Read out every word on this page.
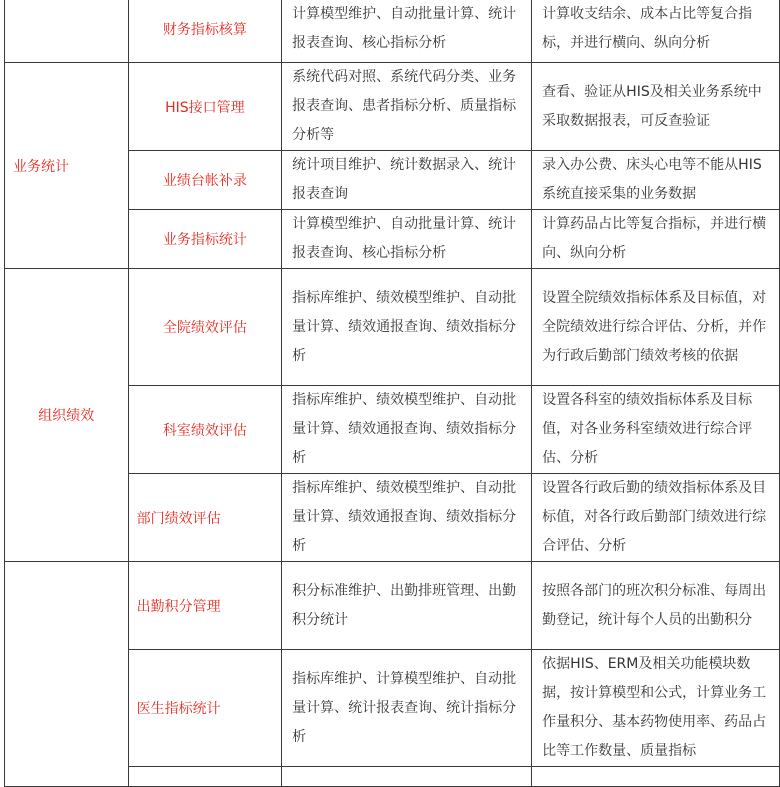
	财务指标核算	计算模型维护、自动批量计算、统计报表查询、核心指标分析	计算收支结余、成本占比等复合指标，并进行横向、纵向分析
业务统计	HIS接口管理	系统代码对照、系统代码分类、业务报表查询、患者指标分析、质量指标分析等	查看、验证从HIS及相关业务系统中采取数据报表，可反查验证
	业绩台帐补录	统计项目维护、统计数据录入、统计报表查询	录入办公费、床头心电等不能从HIS系统直接采集的业务数据
	业务指标统计	计算模型维护、自动批量计算、统计报表查询、核心指标分析	计算药品占比等复合指标，并进行横向、纵向分析
组织绩效	全院绩效评估	指标库维护、绩效模型维护、自动批量计算、绩效通报查询、绩效指标分析	设置全院绩效指标体系及目标值，对全院绩效进行综合评估、分析，并作为行政后勤部门绩效考核的依据
	科室绩效评估	指标库维护、绩效模型维护、自动批量计算、绩效通报查询、绩效指标分析	设置各科室的绩效指标体系及目标值，对各业务科室绩效进行综合评估、分析
	部门绩效评估	指标库维护、绩效模型维护、自动批量计算、绩效通报查询、绩效指标分析	设置各行政后勤的绩效指标体系及目标值，对各行政后勤部门绩效进行综合评估、分析
	出勤积分管理	积分标准维护、出勤排班管理、出勤积分统计	按照各部门的班次积分标准、每周出勤登记，统计每个人员的出勤积分
	医生指标统计	指标库维护、计算模型维护、自动批量计算、统计报表查询、统计指标分析	依据HIS、ERM及相关功能模块数据，按计算模型和公式，计算业务工作量积分、基本药物使用率、药品占比等工作数量、质量指标
